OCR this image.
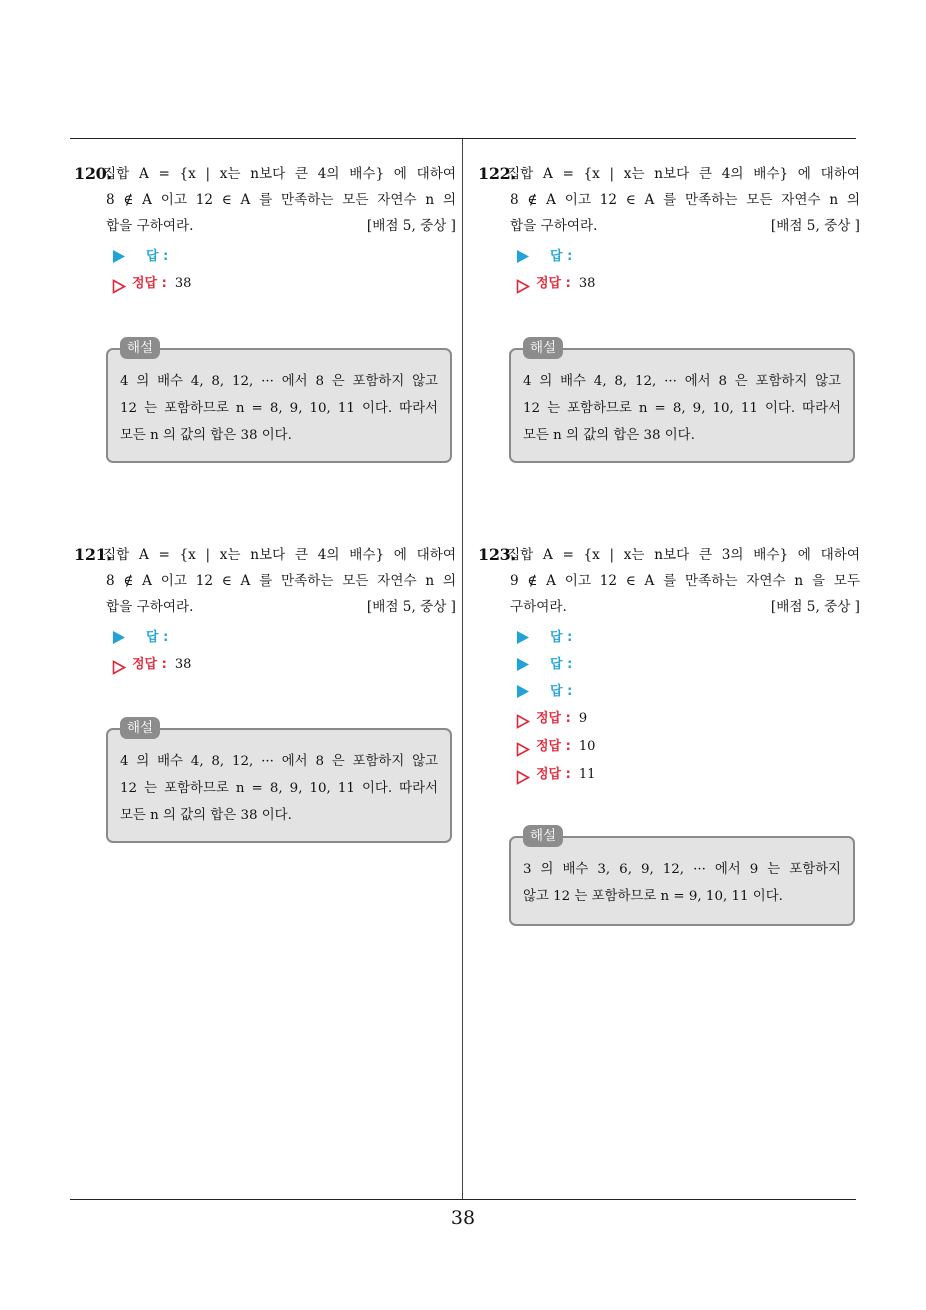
38
120.
집합 A = {x | x는 n보다 큰 4의 배수} 에 대하여
8 ∉ A 이고 12 ∈ A 를 만족하는 모든 자연수 n 의
합을 구하여라.	[배점 5, 중상 ]
답 :
정답 : 38
해설
4 의 배수 4, 8, 12, ··· 에서 8 은 포함하지 않고
12 는 포함하므로 n = 8, 9, 10, 11 이다. 따라서
모든 n 의 값의 합은 38 이다.
121.
집합 A = {x | x는 n보다 큰 4의 배수} 에 대하여
8 ∉ A 이고 12 ∈ A 를 만족하는 모든 자연수 n 의
합을 구하여라.	[배점 5, 중상 ]
답 :
정답 : 38
해설
4 의 배수 4, 8, 12, ··· 에서 8 은 포함하지 않고
12 는 포함하므로 n = 8, 9, 10, 11 이다. 따라서
모든 n 의 값의 합은 38 이다.
122.
집합 A = {x | x는 n보다 큰 4의 배수} 에 대하여
8 ∉ A 이고 12 ∈ A 를 만족하는 모든 자연수 n 의
합을 구하여라.	[배점 5, 중상 ]
답 :
정답 : 38
해설
4 의 배수 4, 8, 12, ··· 에서 8 은 포함하지 않고
12 는 포함하므로 n = 8, 9, 10, 11 이다. 따라서
모든 n 의 값의 합은 38 이다.
123.
집합 A = {x | x는 n보다 큰 3의 배수} 에 대하여
9 ∉ A 이고 12 ∈ A 를 만족하는 자연수 n 을 모두
구하여라.	[배점 5, 중상 ]
답 :
답 :
답 :
정답 : 9
정답 : 10
정답 : 11
해설
3 의 배수 3, 6, 9, 12, ··· 에서 9 는 포함하지
않고 12 는 포함하므로 n = 9, 10, 11 이다.
